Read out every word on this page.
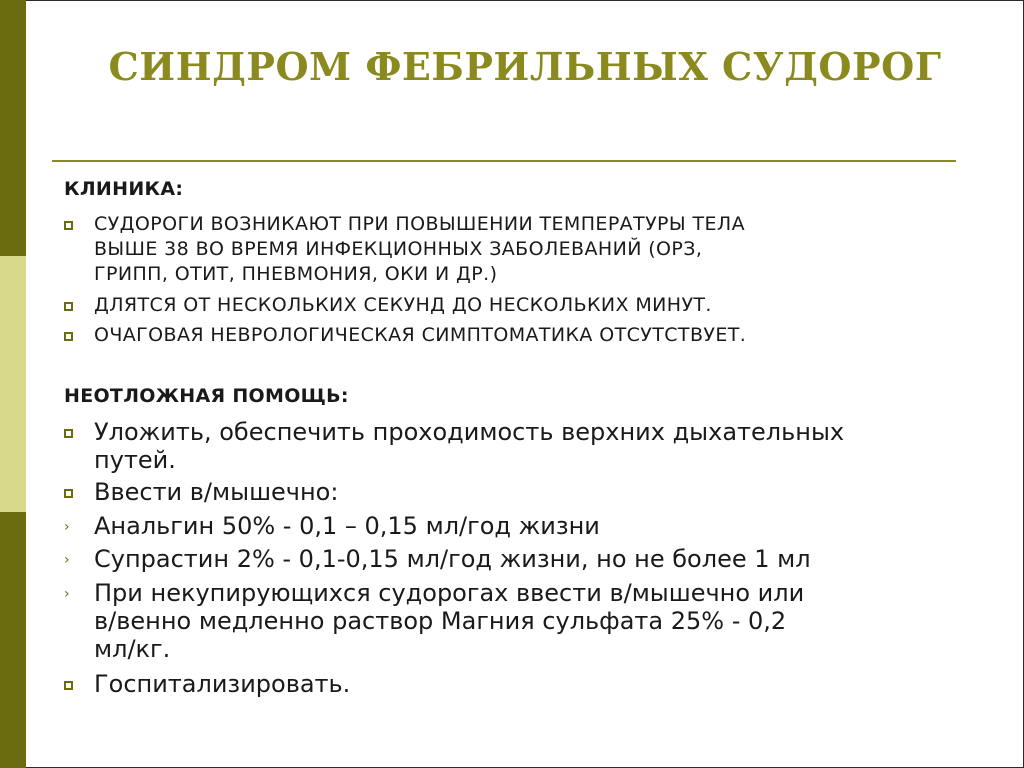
СИНДРОМ ФЕБРИЛЬНЫХ СУДОРОГ
КЛИНИКА:
СУДОРОГИ ВОЗНИКАЮТ ПРИ ПОВЫШЕНИИ ТЕМПЕРАТУРЫ ТЕЛА
ВЫШЕ 38 ВО ВРЕМЯ ИНФЕКЦИОННЫХ ЗАБОЛЕВАНИЙ (ОРЗ,
ГРИПП, ОТИТ, ПНЕВМОНИЯ, ОКИ И ДР.)
ДЛЯТСЯ ОТ НЕСКОЛЬКИХ СЕКУНД ДО НЕСКОЛЬКИХ МИНУТ.
ОЧАГОВАЯ НЕВРОЛОГИЧЕСКАЯ СИМПТОМАТИКА ОТСУТСТВУЕТ.
НЕОТЛОЖНАЯ ПОМОЩЬ:
Уложить, обеспечить проходимость верхних дыхательных
путей.
Ввести в/мышечно:
› Анальгин 50% - 0,1 – 0,15 мл/год жизни
› Супрастин 2% - 0,1-0,15 мл/год жизни, но не более 1 мл
› При некупирующихся судорогах ввести в/мышечно или
в/венно медленно раствор Магния сульфата 25% - 0,2
мл/кг.
Госпитализировать.
